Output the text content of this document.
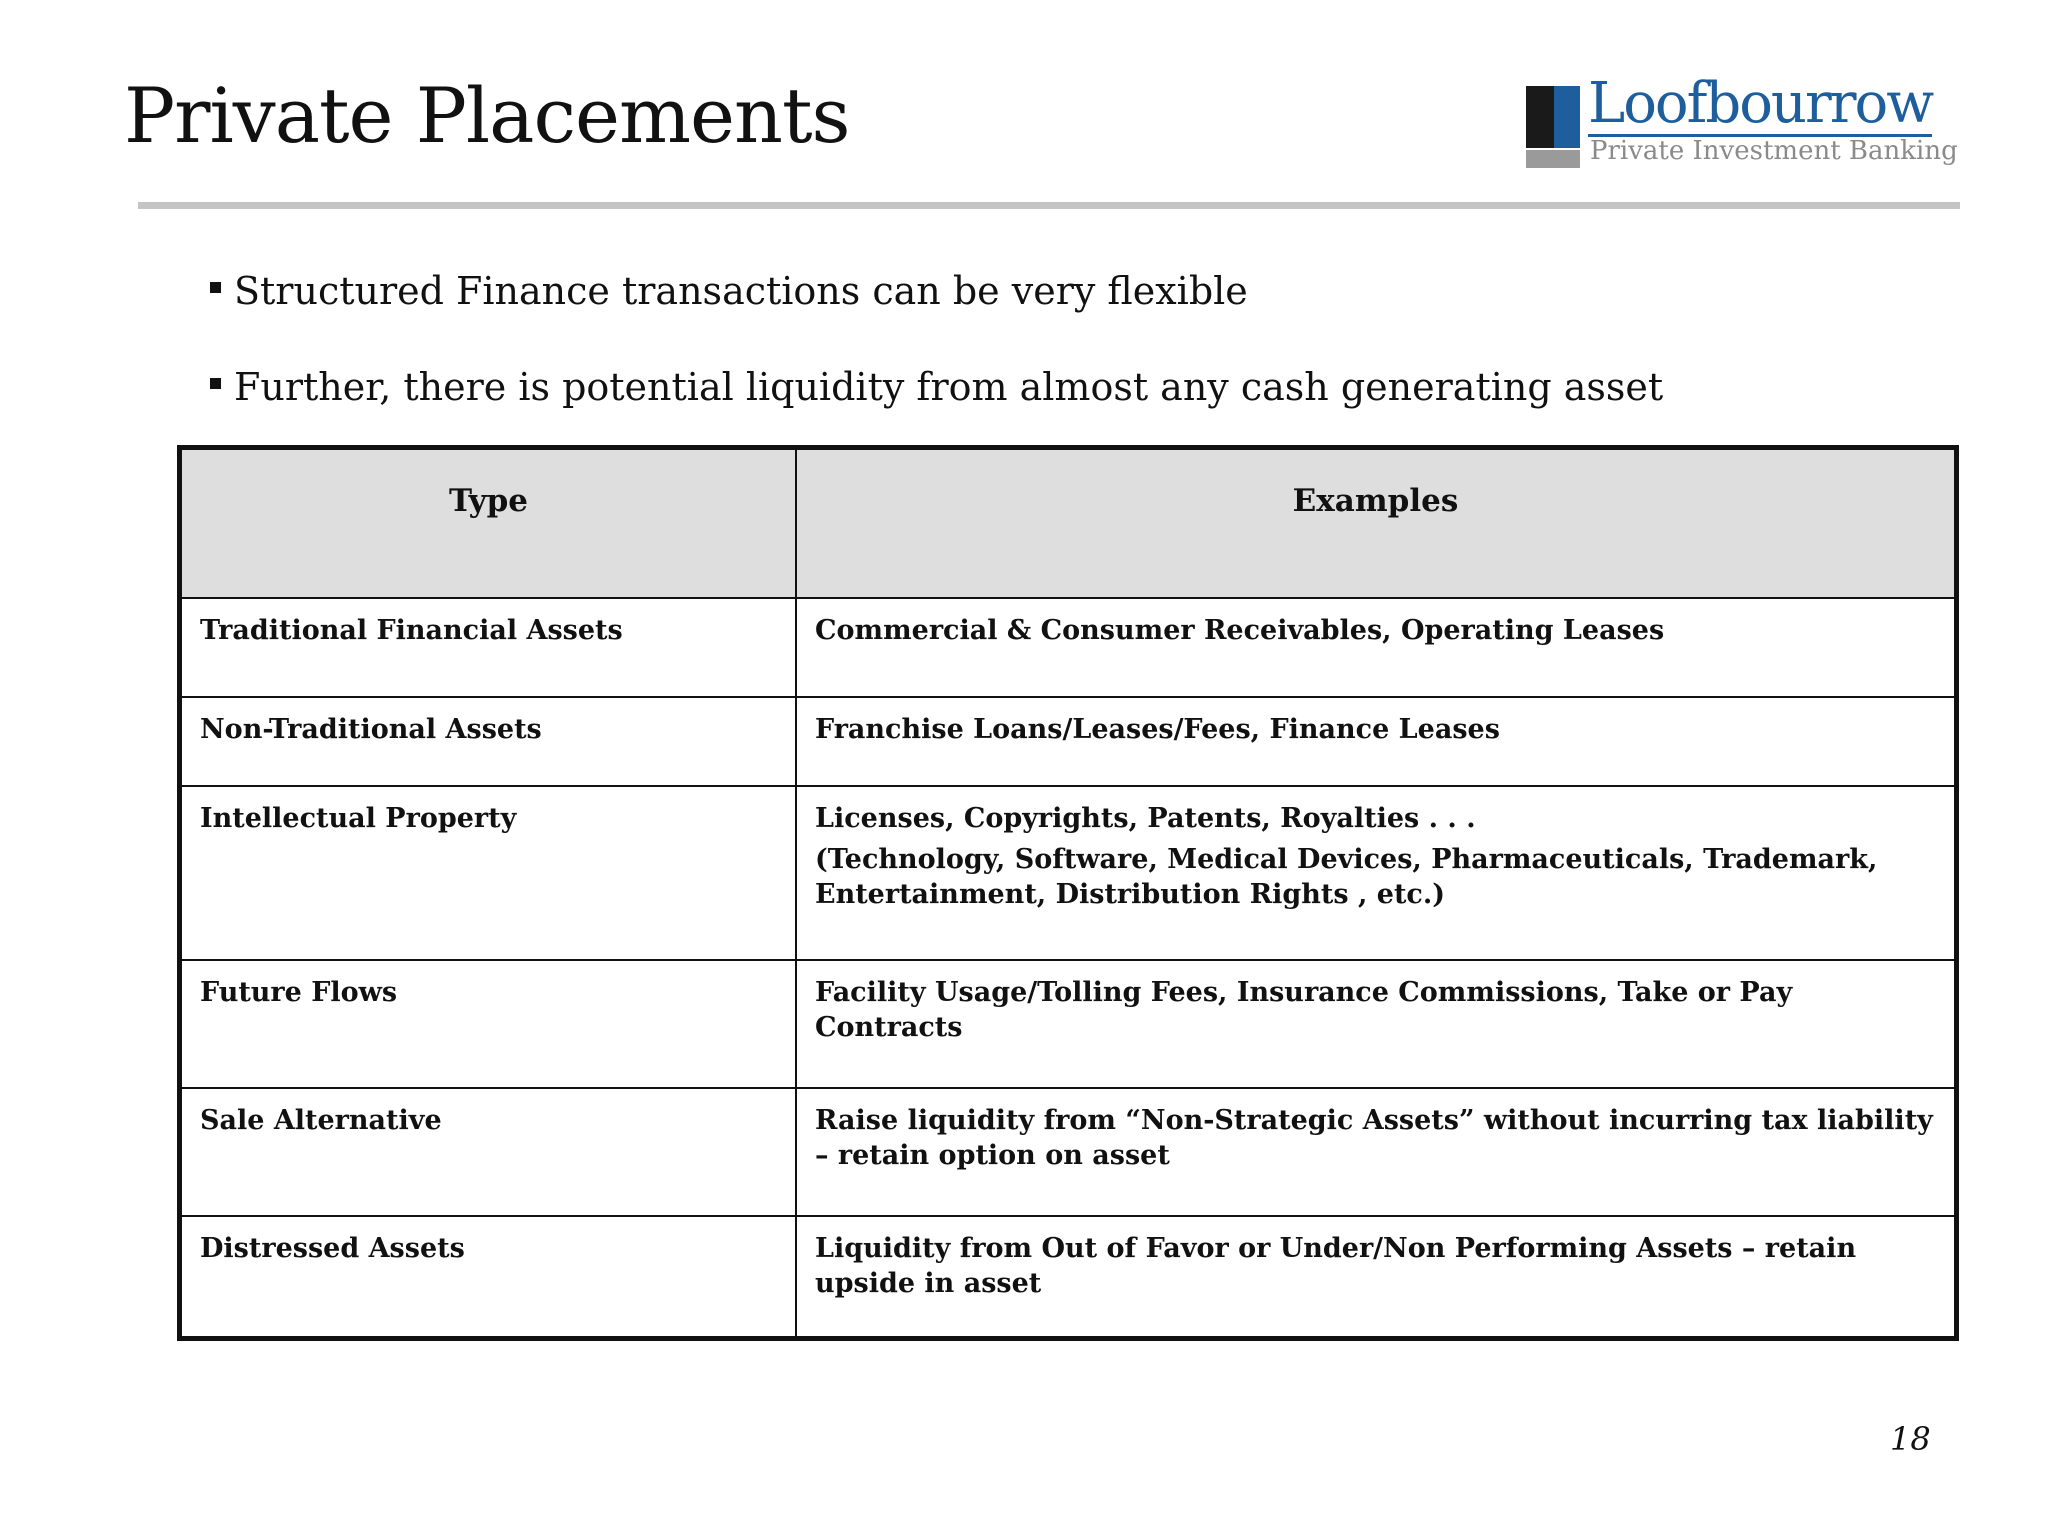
Private Placements	Loofbourrow
Private Investment Banking
Structured Finance transactions can be very flexible
Further, there is potential liquidity from almost any cash generating asset
Type	Examples
Traditional Financial Assets	Commercial & Consumer Receivables, Operating Leases
Non-Traditional Assets	Franchise Loans/Leases/Fees, Finance Leases
Intellectual Property	Licenses, Copyrights, Patents, Royalties . . .
(Technology, Software, Medical Devices, Pharmaceuticals, Trademark, Entertainment, Distribution Rights , etc.)

Future Flows	Facility Usage/Tolling Fees, Insurance Commissions, Take or Pay Contracts
Sale Alternative	Raise liquidity from “Non-Strategic Assets” without incurring tax liability – retain option on asset
Distressed Assets	Liquidity from Out of Favor or Under/Non Performing Assets – retain upside in asset
18
